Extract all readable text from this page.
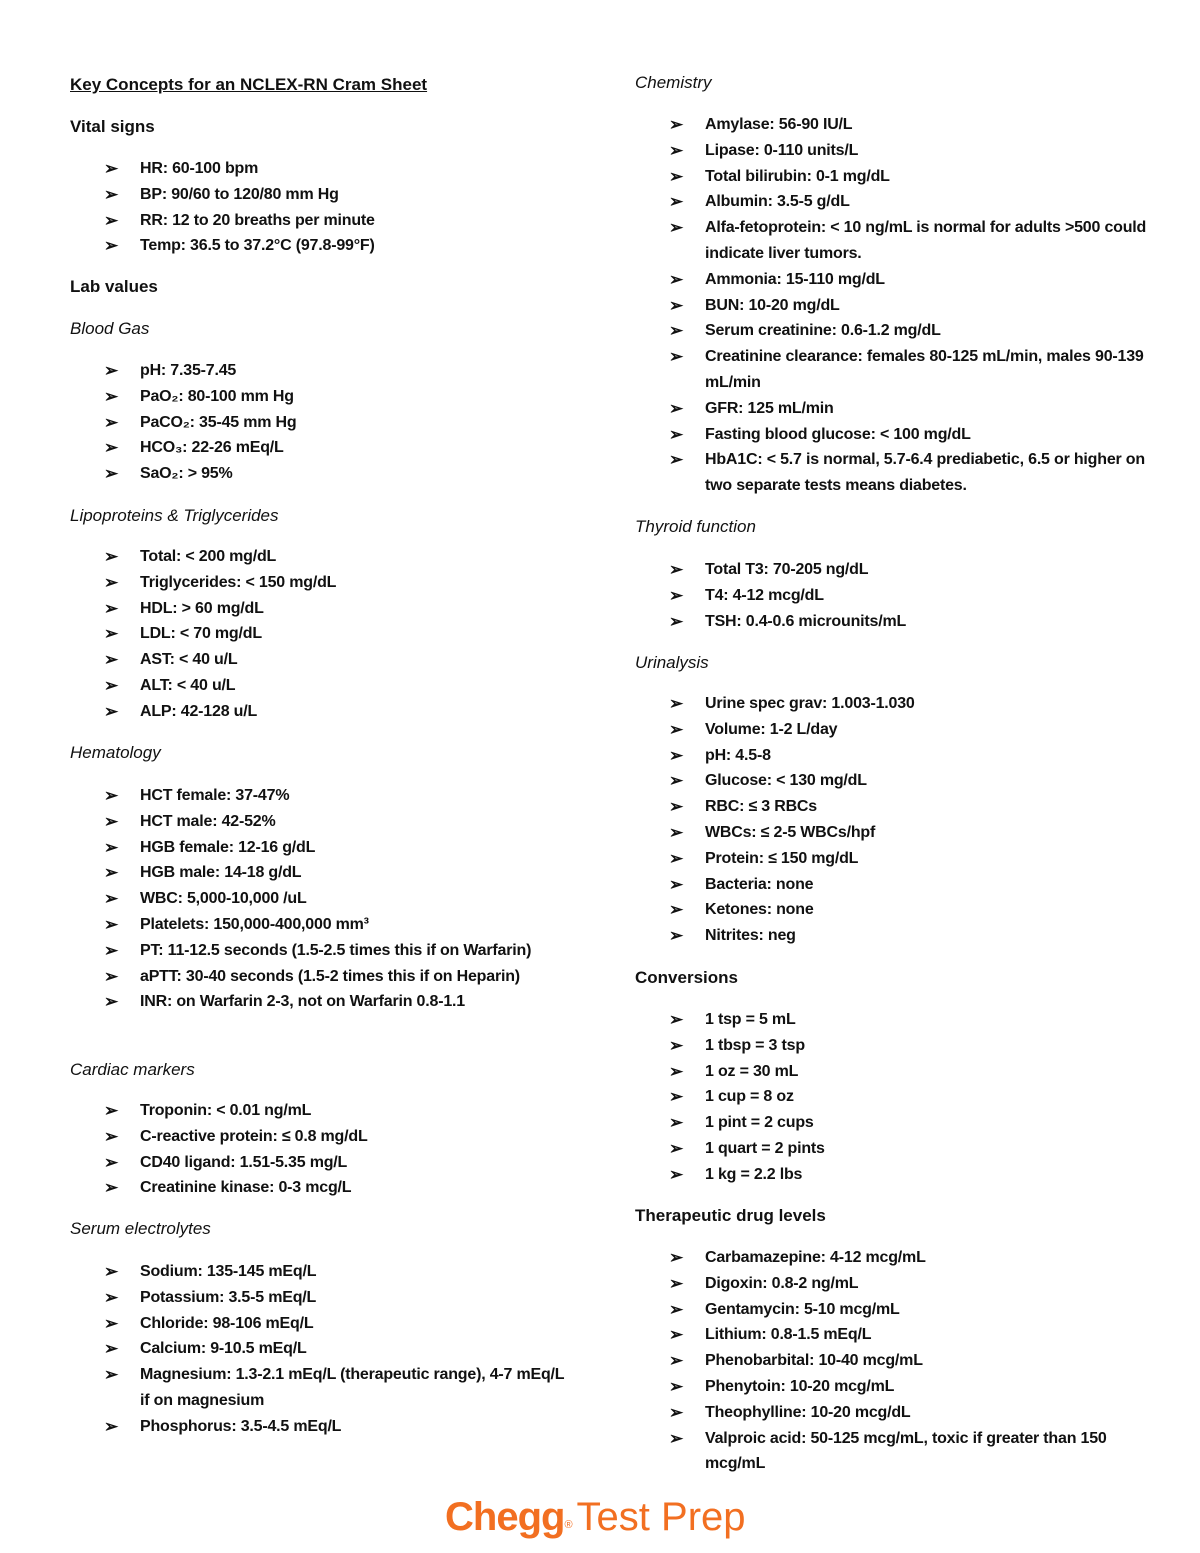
Key Concepts for an NCLEX-RN Cram Sheet
Vital signs
➢ HR: 60-100 bpm
➢ BP: 90/60 to 120/80 mm Hg
➢ RR: 12 to 20 breaths per minute
➢ Temp: 36.5 to 37.2°C (97.8-99°F)
Lab values
Blood Gas
➢ pH: 7.35-7.45
➢ PaO₂: 80-100 mm Hg
➢ PaCO₂: 35-45 mm Hg
➢ HCO₃: 22-26 mEq/L
➢ SaO₂: > 95%
Lipoproteins & Triglycerides
➢ Total: < 200 mg/dL
➢ Triglycerides: < 150 mg/dL
➢ HDL: > 60 mg/dL
➢ LDL: < 70 mg/dL
➢ AST: < 40 u/L
➢ ALT: < 40 u/L
➢ ALP: 42-128 u/L
Hematology
➢ HCT female: 37-47%
➢ HCT male: 42-52%
➢ HGB female: 12-16 g/dL
➢ HGB male: 14-18 g/dL
➢ WBC: 5,000-10,000 /uL
➢ Platelets: 150,000-400,000 mm³
➢ PT: 11-12.5 seconds (1.5-2.5 times this if on Warfarin)
➢ aPTT: 30-40 seconds (1.5-2 times this if on Heparin)
➢ INR: on Warfarin 2-3, not on Warfarin 0.8-1.1
Cardiac markers
➢ Troponin: < 0.01 ng/mL
➢ C-reactive protein: ≤ 0.8 mg/dL
➢ CD40 ligand: 1.51-5.35 mg/L
➢ Creatinine kinase: 0-3 mcg/L
Serum electrolytes
➢ Sodium: 135-145 mEq/L
➢ Potassium: 3.5-5 mEq/L
➢ Chloride: 98-106 mEq/L
➢ Calcium: 9-10.5 mEq/L
➢ Magnesium: 1.3-2.1 mEq/L (therapeutic range), 4-7 mEq/L if on magnesium
➢ Phosphorus: 3.5-4.5 mEq/L
Chemistry
➢ Amylase: 56-90 IU/L
➢ Lipase: 0-110 units/L
➢ Total bilirubin: 0-1 mg/dL
➢ Albumin: 3.5-5 g/dL
➢ Alfa-fetoprotein: < 10 ng/mL is normal for adults >500 could indicate liver tumors.
➢ Ammonia: 15-110 mg/dL
➢ BUN: 10-20 mg/dL
➢ Serum creatinine: 0.6-1.2 mg/dL
➢ Creatinine clearance: females 80-125 mL/min, males 90-139 mL/min
➢ GFR: 125 mL/min
➢ Fasting blood glucose: < 100 mg/dL
➢ HbA1C: < 5.7 is normal, 5.7-6.4 prediabetic, 6.5 or higher on two separate tests means diabetes.
Thyroid function
➢ Total T3: 70-205 ng/dL
➢ T4: 4-12 mcg/dL
➢ TSH: 0.4-0.6 microunits/mL
Urinalysis
➢ Urine spec grav: 1.003-1.030
➢ Volume: 1-2 L/day
➢ pH: 4.5-8
➢ Glucose: < 130 mg/dL
➢ RBC: ≤ 3 RBCs
➢ WBCs: ≤ 2-5 WBCs/hpf
➢ Protein: ≤ 150 mg/dL
➢ Bacteria: none
➢ Ketones: none
➢ Nitrites: neg
Conversions
➢ 1 tsp = 5 mL
➢ 1 tbsp = 3 tsp
➢ 1 oz = 30 mL
➢ 1 cup = 8 oz
➢ 1 pint = 2 cups
➢ 1 quart = 2 pints
➢ 1 kg = 2.2 lbs
Therapeutic drug levels
➢ Carbamazepine: 4-12 mcg/mL
➢ Digoxin: 0.8-2 ng/mL
➢ Gentamycin: 5-10 mcg/mL
➢ Lithium: 0.8-1.5 mEq/L
➢ Phenobarbital: 10-40 mcg/mL
➢ Phenytoin: 10-20 mcg/mL
➢ Theophylline: 10-20 mcg/dL
➢ Valproic acid: 50-125 mcg/mL, toxic if greater than 150 mcg/mL
Chegg® Test Prep
